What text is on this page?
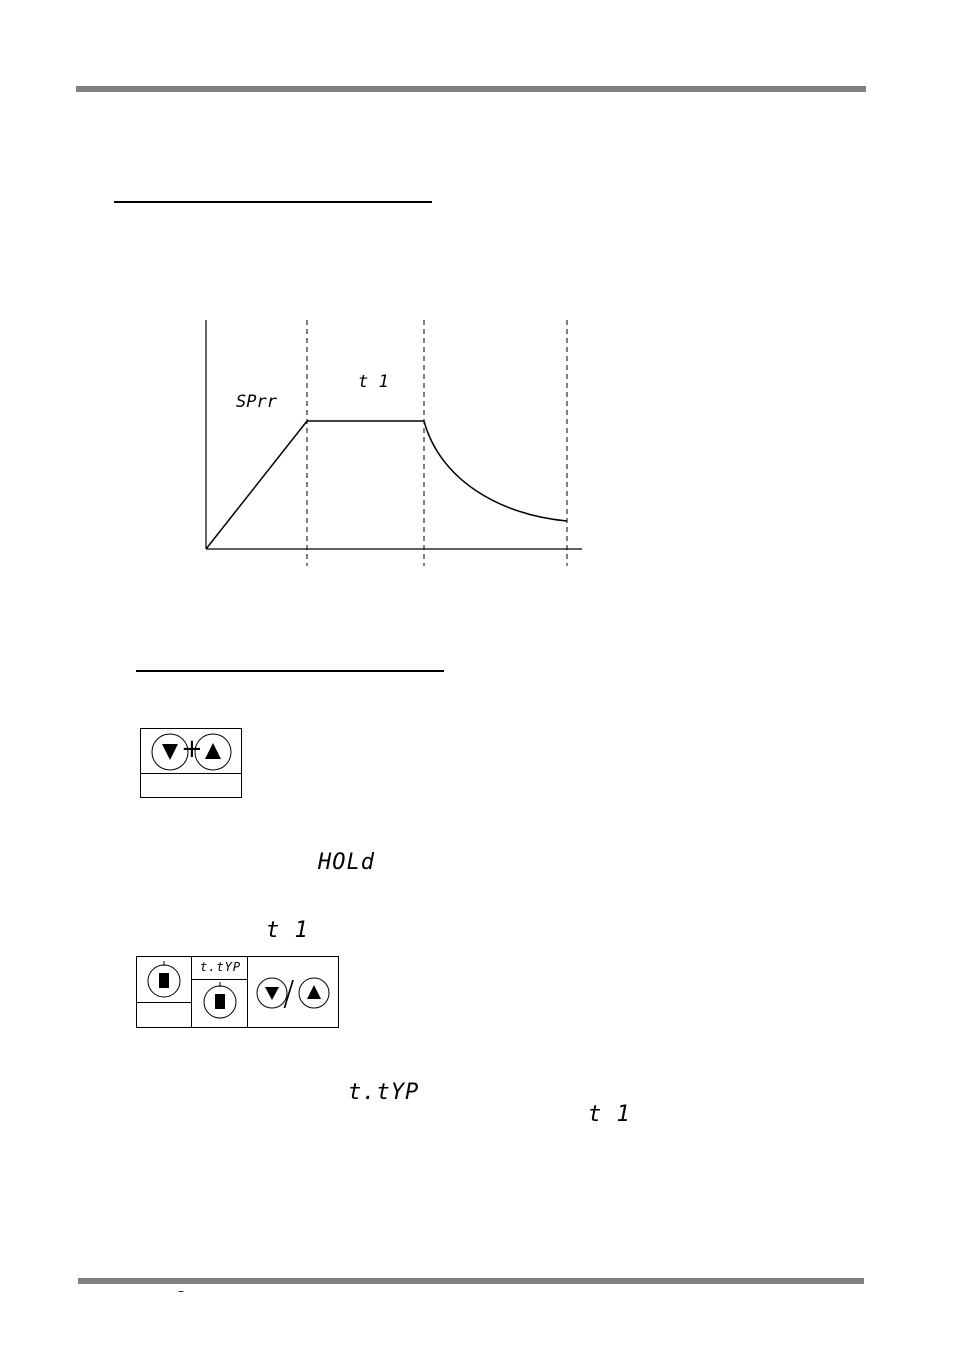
SPrr
t 1
+
HOLd
t 1
t.tYP
/
t.tYP
t 1
–
